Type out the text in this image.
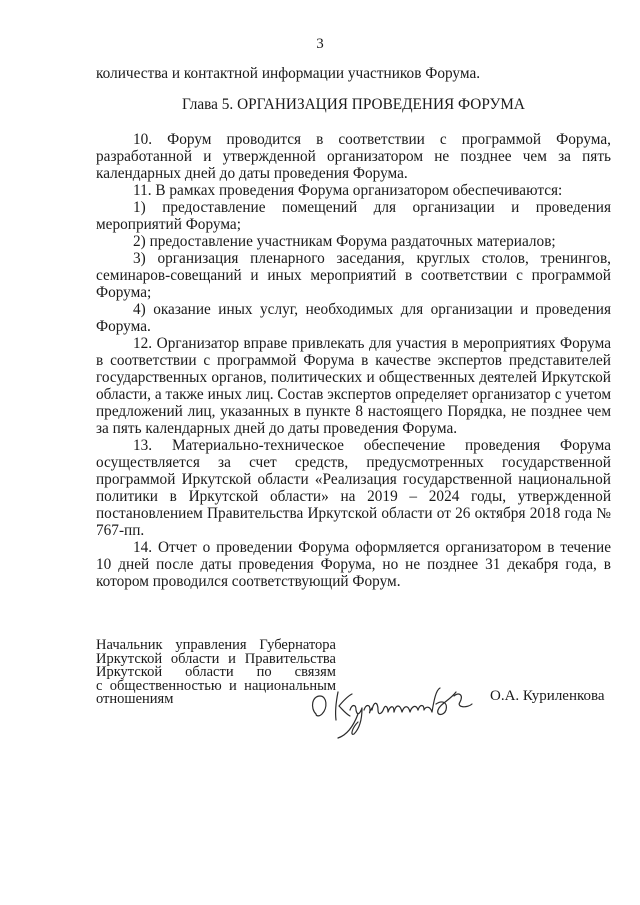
3
количества и контактной информации участников Форума.
Глава 5. ОРГАНИЗАЦИЯ ПРОВЕДЕНИЯ ФОРУМА

10. Форум проводится в соответствии с программой Форума, разработанной и утвержденной организатором не позднее чем за пять календарных дней до даты проведения Форума.

11. В рамках проведения Форума организатором обеспечиваются:

1) предоставление помещений для организации и проведения мероприятий Форума;

2) предоставление участникам Форума раздаточных материалов;

3) организация пленарного заседания, круглых столов, тренингов, семинаров-совещаний и иных мероприятий в соответствии с программой Форума;

4) оказание иных услуг, необходимых для организации и проведения Форума.

12. Организатор вправе привлекать для участия в мероприятиях Форума в соответствии с программой Форума в качестве экспертов представителей государственных органов, политических и общественных деятелей Иркутской области, а также иных лиц. Состав экспертов определяет организатор с учетом предложений лиц, указанных в пункте 8 настоящего Порядка, не позднее чем за пять календарных дней до даты проведения Форума.

13. Материально-техническое обеспечение проведения Форума осуществляется за счет средств, предусмотренных государственной программой Иркутской области «Реализация государственной национальной политики в Иркутской области» на 2019 – 2024 годы, утвержденной постановлением Правительства Иркутской области от 26 октября 2018 года № 767-пп.

14. Отчет о проведении Форума оформляется организатором в течение 10 дней после даты проведения Форума, но не позднее 31 декабря года, в котором проводился соответствующий Форум.

Начальник управления Губернатора
Иркутской области и Правительства
Иркутской области по связям
с общественностью и национальным
отношениям	О.А. Куриленкова
